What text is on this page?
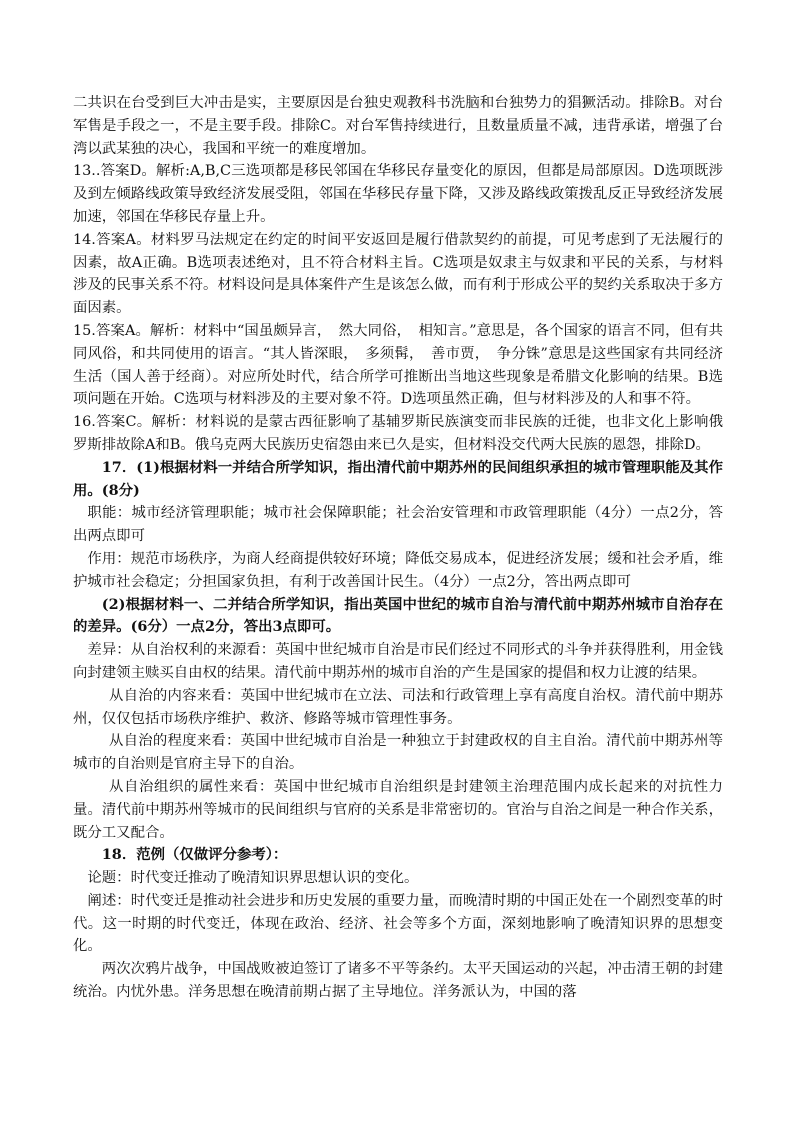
二共识在台受到巨大冲击是实，主要原因是台独史观教科书洗脑和台独势力的猖獗活动。排除B。对台军售是手段之一，不是主要手段。排除C。对台军售持续进行，且数量质量不减，违背承诺，增强了台湾以武某独的决心，我国和平统一的难度增加。

13..答案D。解析:A,B,C三选项都是移民邻国在华移民存量变化的原因，但都是局部原因。D选项既涉及到左倾路线政策导致经济发展受阻，邻国在华移民存量下降，又涉及路线政策拨乱反正导致经济发展加速，邻国在华移民存量上升。

14.答案A。材料罗马法规定在约定的时间平安返回是履行借款契约的前提，可见考虑到了无法履行的因素，故A正确。B选项表述绝对，且不符合材料主旨。C选项是奴隶主与奴隶和平民的关系，与材料涉及的民事关系不符。材料设问是具体案件产生是该怎么做，而有利于形成公平的契约关系取决于多方面因素。

15.答案A。解析：材料中“国虽颇异言，　然大同俗，　相知言。”意思是，各个国家的语言不同，但有共同风俗，和共同使用的语言。“其人皆深眼，　多须髯，　善市贾，　争分铢”意思是这些国家有共同经济生活（国人善于经商）。对应所处时代，结合所学可推断出当地这些现象是希腊文化影响的结果。B选项问题在开始。C选项与材料涉及的主要对象不符。D选项虽然正确，但与材料涉及的人和事不符。

16.答案C。解析：材料说的是蒙古西征影响了基辅罗斯民族演变而非民族的迁徙，也非文化上影响俄罗斯排故除A和B。俄乌克两大民族历史宿怨由来已久是实，但材料没交代两大民族的恩怨，排除D。

17．(1)根据材料一并结合所学知识，指出清代前中期苏州的民间组织承担的城市管理职能及其作用。(8分)

职能：城市经济管理职能；城市社会保障职能；社会治安管理和市政管理职能（4分）一点2分，答出两点即可

作用：规范市场秩序，为商人经商提供较好环境；降低交易成本，促进经济发展；缓和社会矛盾，维护城市社会稳定；分担国家负担，有利于改善国计民生。（4分）一点2分，答出两点即可

(2)根据材料一、二并结合所学知识，指出英国中世纪的城市自治与清代前中期苏州城市自治存在的差异。(6分）一点2分，答出3点即可。

差异：从自治权利的来源看：英国中世纪城市自治是市民们经过不同形式的斗争并获得胜利，用金钱向封建领主赎买自由权的结果。清代前中期苏州的城市自治的产生是国家的提倡和权力让渡的结果。

从自治的内容来看：英国中世纪城市在立法、司法和行政管理上享有高度自治权。清代前中期苏州，仅仅包括市场秩序维护、救济、修路等城市管理性事务。

从自治的程度来看：英国中世纪城市自治是一种独立于封建政权的自主自治。清代前中期苏州等城市的自治则是官府主导下的自治。

从自治组织的属性来看：英国中世纪城市自治组织是封建领主治理范围内成长起来的对抗性力量。清代前中期苏州等城市的民间组织与官府的关系是非常密切的。官治与自治之间是一种合作关系，既分工又配合。

18．范例（仅做评分参考）：

论题：时代变迁推动了晚清知识界思想认识的变化。

阐述：时代变迁是推动社会进步和历史发展的重要力量，而晚清时期的中国正处在一个剧烈变革的时代。这一时期的时代变迁，体现在政治、经济、社会等多个方面，深刻地影响了晚清知识界的思想变化。

两次次鸦片战争，中国战败被迫签订了诸多不平等条约。太平天国运动的兴起，冲击清王朝的封建统治。内忧外患。洋务思想在晚清前期占据了主导地位。洋务派认为，中国的落
